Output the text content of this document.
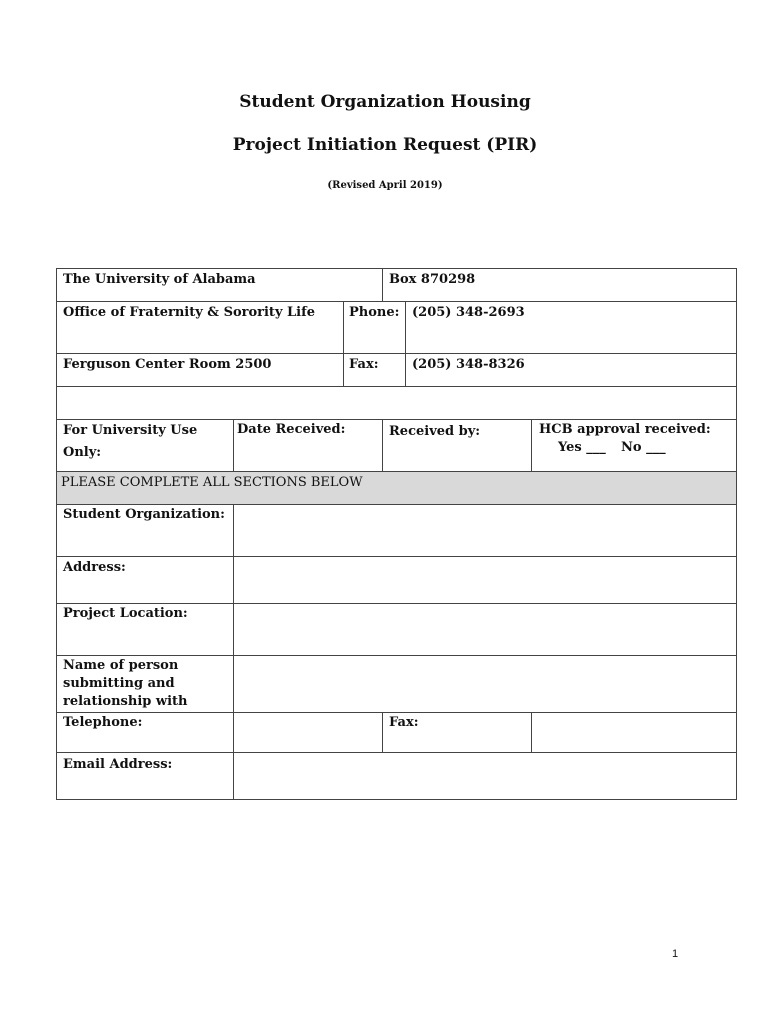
Student Organization Housing
Project Initiation Request (PIR)
(Revised April 2019)
The University of Alabama	Box 870298
Office of Fraternity & Sorority Life	Phone: (205) 348-2693
Ferguson Center Room 2500	Fax:	(205) 348-8326
For University Use
Only:
Date Received:	Received by:	HCB approval received:
Yes ___ No ___
PLEASE COMPLETE ALL SECTIONS BELOW
Student Organization:
Address:
Project Location:
Name of person
submitting and
relationship with
Telephone:	Fax:
Email Address:
1
